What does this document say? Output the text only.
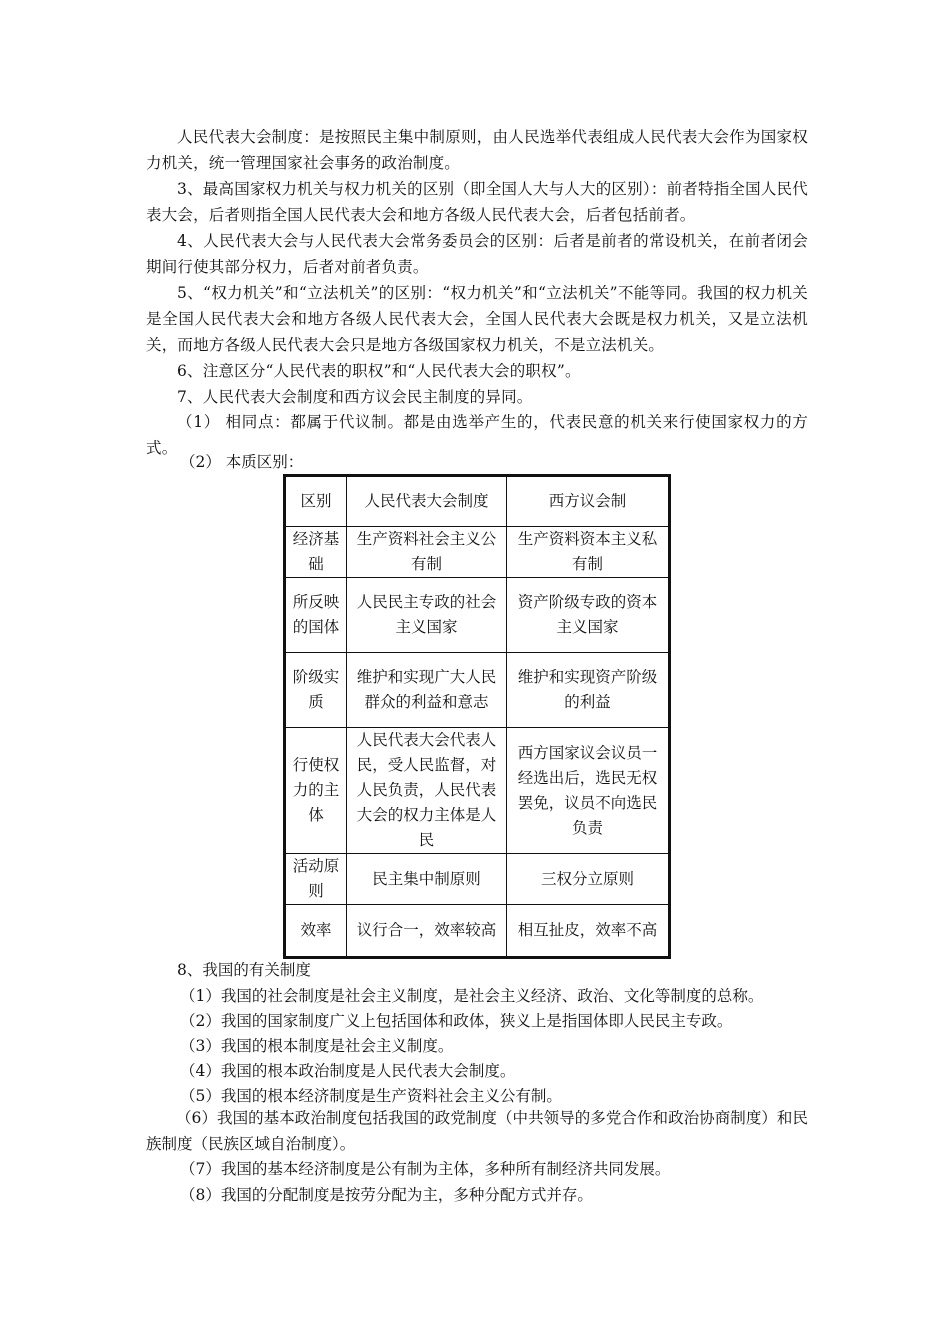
人民代表大会制度：是按照民主集中制原则，由人民选举代表组成人民代表大会作为国家权力机关，统一管理国家社会事务的政治制度。

3、最高国家权力机关与权力机关的区别（即全国人大与人大的区别）：前者特指全国人民代表大会，后者则指全国人民代表大会和地方各级人民代表大会，后者包括前者。

4、人民代表大会与人民代表大会常务委员会的区别：后者是前者的常设机关，在前者闭会期间行使其部分权力，后者对前者负责。

5、“权力机关”和“立法机关”的区别：“权力机关”和“立法机关”不能等同。我国的权力机关是全国人民代表大会和地方各级人民代表大会，全国人民代表大会既是权力机关，又是立法机关，而地方各级人民代表大会只是地方各级国家权力机关，不是立法机关。

6、注意区分“人民代表的职权”和“人民代表大会的职权”。

7、人民代表大会制度和西方议会民主制度的异同。

（1） 相同点：都属于代议制。都是由选举产生的，代表民意的机关来行使国家权力的方式。

（2） 本质区别：
区别	人民代表大会制度	西方议会制
经济基础	生产资料社会主义公有制	生产资料资本主义私有制
所反映的国体	人民民主专政的社会主义国家	资产阶级专政的资本主义国家
阶级实质	维护和实现广大人民群众的利益和意志	维护和实现资产阶级的利益
行使权力的主体	人民代表大会代表人民，受人民监督，对人民负责，人民代表大会的权力主体是人民	西方国家议会议员一经选出后，选民无权罢免，议员不向选民负责
活动原则	民主集中制原则	三权分立原则
效率	议行合一，效率较高	相互扯皮，效率不高
8、我国的有关制度
（1）我国的社会制度是社会主义制度，是社会主义经济、政治、文化等制度的总称。
（2）我国的国家制度广义上包括国体和政体，狭义上是指国体即人民民主专政。
（3）我国的根本制度是社会主义制度。
（4）我国的根本政治制度是人民代表大会制度。
（5）我国的根本经济制度是生产资料社会主义公有制。

（6）我国的基本政治制度包括我国的政党制度（中共领导的多党合作和政治协商制度）和民族制度（民族区域自治制度）。

（7）我国的基本经济制度是公有制为主体，多种所有制经济共同发展。
（8）我国的分配制度是按劳分配为主，多种分配方式并存。
